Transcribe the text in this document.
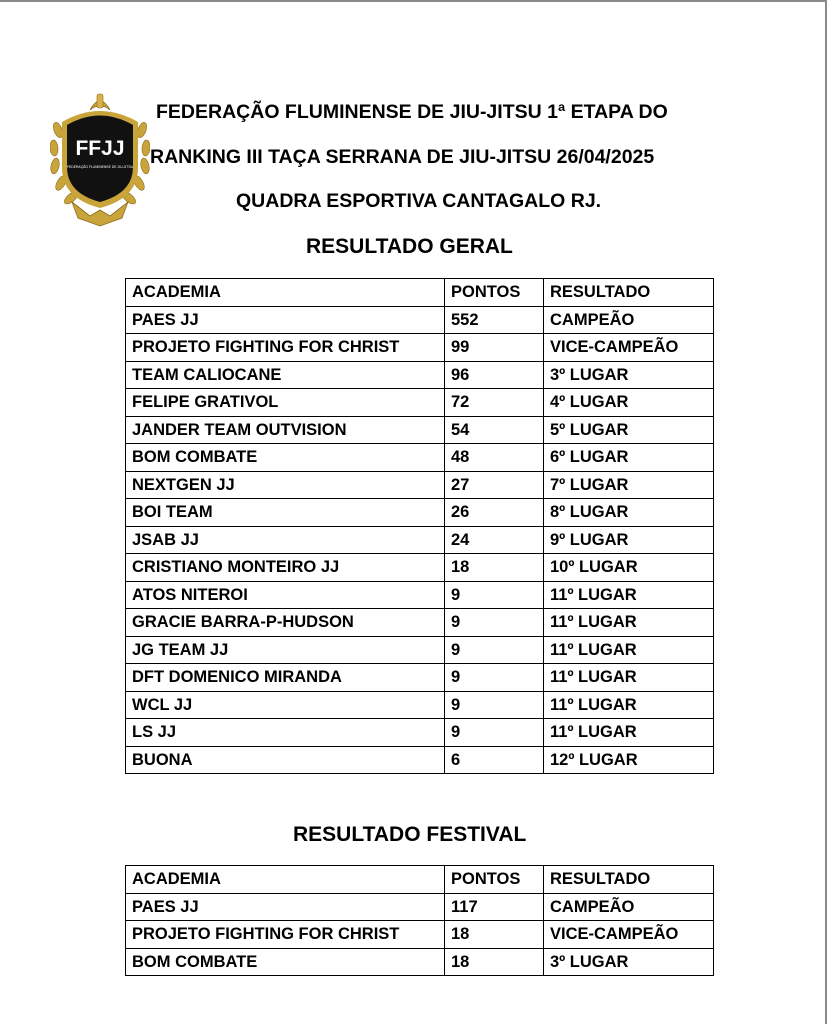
FFJJ
FEDERAÇÃO FLUMINENSE DE JIU-JITSU
FEDERAÇÃO FLUMINENSE DE JIU-JITSU 1ª ETAPA DO
RANKING III TAÇA SERRANA DE JIU-JITSU 26/04/2025
QUADRA ESPORTIVA CANTAGALO RJ.
RESULTADO GERAL
ACADEMIA	PONTOS	RESULTADO
PAES JJ	552	CAMPEÃO
PROJETO FIGHTING FOR CHRIST	99	VICE-CAMPEÃO
TEAM CALIOCANE	96	3º LUGAR
FELIPE GRATIVOL	72	4º LUGAR
JANDER TEAM OUTVISION	54	5º LUGAR
BOM COMBATE	48	6º LUGAR
NEXTGEN JJ	27	7º LUGAR
BOI TEAM	26	8º LUGAR
JSAB JJ	24	9º LUGAR
CRISTIANO MONTEIRO JJ	18	10º LUGAR
ATOS NITEROI	9	11º LUGAR
GRACIE BARRA-P-HUDSON	9	11º LUGAR
JG TEAM JJ	9	11º LUGAR
DFT DOMENICO MIRANDA	9	11º LUGAR
WCL JJ	9	11º LUGAR
LS JJ	9	11º LUGAR
BUONA	6	12º LUGAR
RESULTADO FESTIVAL
ACADEMIA	PONTOS	RESULTADO
PAES JJ	117	CAMPEÃO
PROJETO FIGHTING FOR CHRIST	18	VICE-CAMPEÃO
BOM COMBATE	18	3º LUGAR
